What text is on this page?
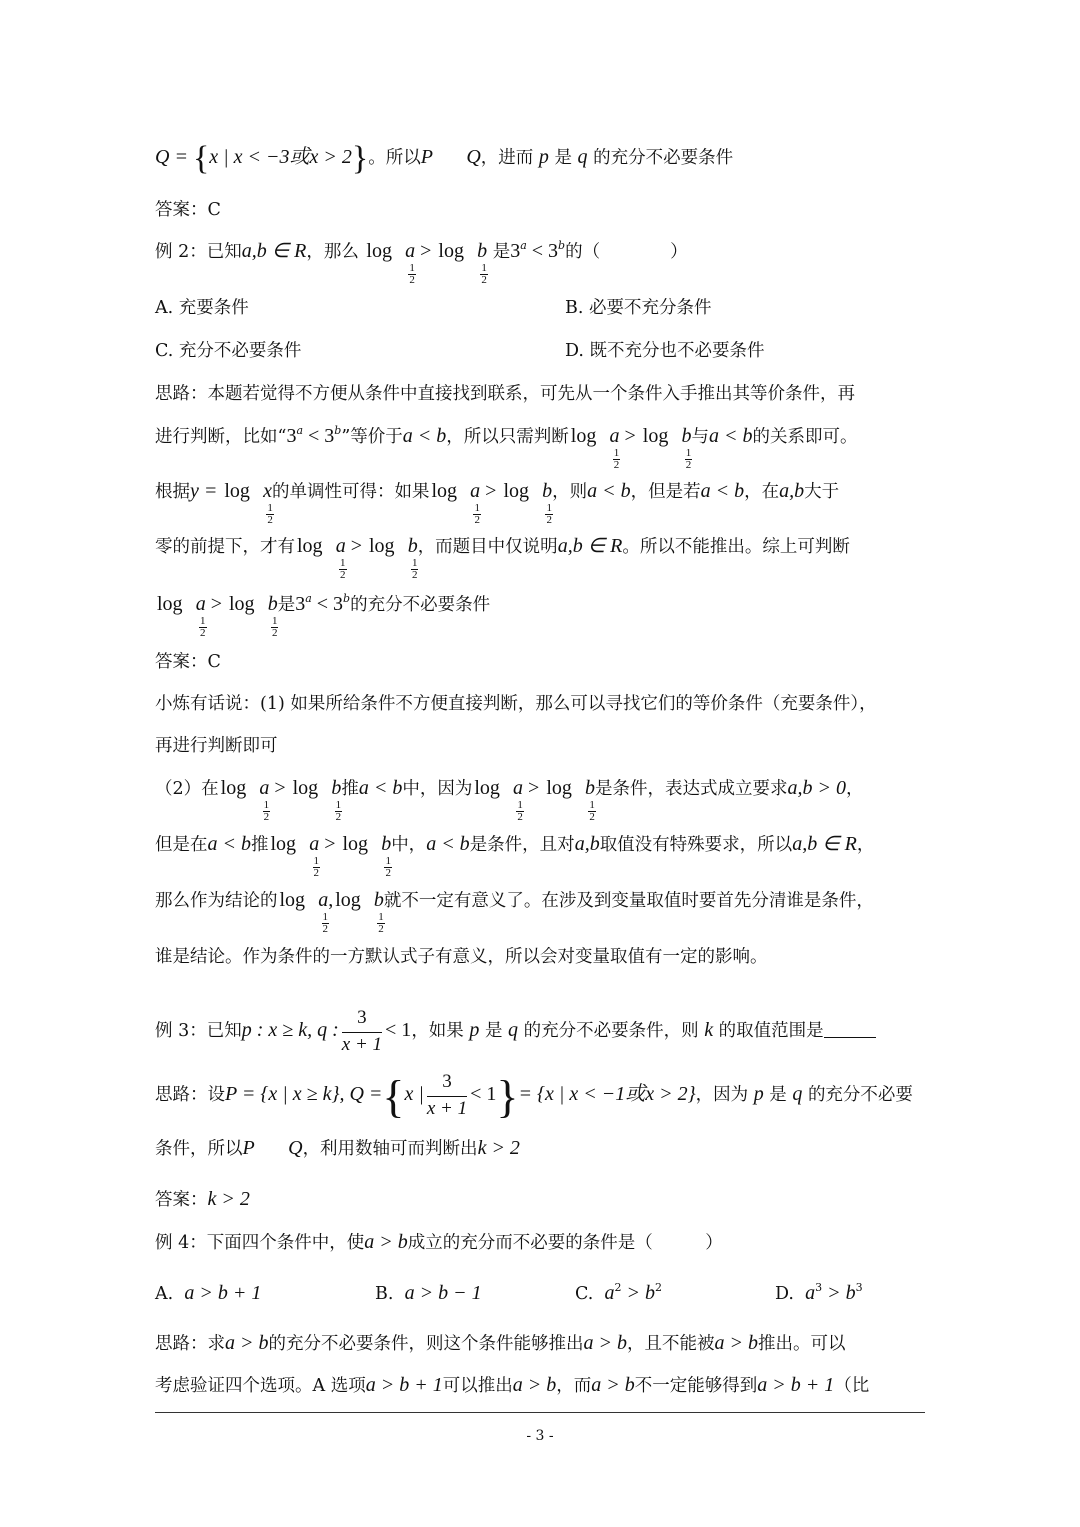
Q = {x | x < −3或x > 2}。所以P Q，进而 p 是 q 的充分不必要条件
答案：C
例 2：已知a,b ∈ R，那么 log
1
2
a > log
1
2
b 是$3^a < 3^b$的（　　　　）
A. 充要条件	B. 必要不充分条件
C. 充分不必要条件	D. 既不充分也不必要条件
思路：本题若觉得不方便从条件中直接找到联系，可先从一个条件入手推出其等价条件，再
进行判断，比如“$3^a < 3^b$”等价于a < b，所以只需判断 log
1
2
a > log
1
2
b与a < b的关系即可。
根据y = log
1
2
x的单调性可得：如果 log
1
2
a > log
1
2
b，则a < b，但是若a < b，在a,b大于
零的前提下，才有 log
1
2
a > log
1
2
b，而题目中仅说明a,b ∈ R。所以不能推出。综上可判断
log
1
2
a > log
1
2
b是$3^a < 3^b$的充分不必要条件
答案：C
小炼有话说：(1) 如果所给条件不方便直接判断，那么可以寻找它们的等价条件（充要条件），
再进行判断即可
（2）在 log
1
2
a > log
1
2
b推a < b中，因为 log
1
2
a > log
1
2
b是条件，表达式成立要求a,b > 0，
但是在a < b推 log
1
2
a > log
1
2
b中，a < b是条件，且对a,b取值没有特殊要求，所以a,b ∈ R，
那么作为结论的 log
1
2
a, log
1
2
b就不一定有意义了。在涉及到变量取值时要首先分清谁是条件，
谁是结论。作为条件的一方默认式子有意义，所以会对变量取值有一定的影响。
例 3：已知p : x ≥ k, q : $\frac{3}{x + 1} < 1$，如果 p 是 q 的充分不必要条件，则 k 的取值范围是
思路：设P = {x | x ≥ k}, Q ={x | $\frac{3}{x + 1} < 1\}= \{x$ | x < −1或x > 2}，因为 p 是 q 的充分不必要
条件，所以P Q，利用数轴可而判断出k > 2
答案：k > 2
例 4：下面四个条件中，使a > b成立的充分而不必要的条件是（　　　）
A. a > b + 1	B. a > b − 1	C. $a^2 > b^2$	D. $a^3 > b^3$
思路：求a > b的充分不必要条件，则这个条件能够推出a > b，且不能被a > b推出。可以
考虑验证四个选项。A 选项a > b + 1可以推出a > b，而a > b不一定能够得到a > b + 1（比
- 3 -
